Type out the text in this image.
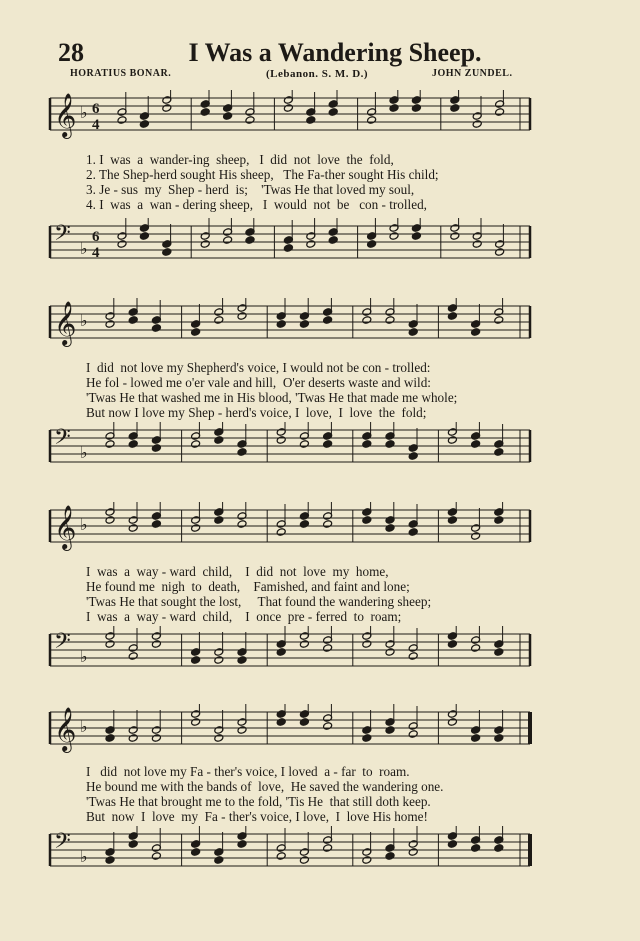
28	I Was a Wandering Sheep.
HORATIUS BONAR.	(Lebanon. S. M. D.)	JOHN ZUNDEL.
𝄞 ♭ 6
4
1. I  was  a  wander-ing  sheep,   I  did  not  love  the  fold,
2. The Shep-herd sought His sheep,   The Fa-ther sought His child;
3. Je - sus  my  Shep - herd  is;    'Twas He that loved my soul,
4. I  was  a  wan - dering sheep,   I  would  not  be   con - trolled,
𝄢 ♭
6
4
𝄞 ♭
I  did  not love my Shepherd's voice, I would not be con - trolled:
He fol - lowed me o'er vale and hill,  O'er deserts waste and wild:
'Twas He that washed me in His blood, 'Twas He that made me whole;
But now I love my Shep - herd's voice, I  love,  I  love  the  fold;
𝄢 ♭
𝄞 ♭
I  was  a  way - ward  child,    I  did  not  love  my  home,
He found me  nigh  to  death,    Famished, and faint and lone;
'Twas He that sought the lost,     That found the wandering sheep;
I  was  a  way - ward  child,    I  once  pre - ferred  to  roam;
𝄢 ♭
𝄞 ♭
I   did  not love my Fa - ther's voice, I loved  a - far  to  roam.
He bound me with the bands of  love,  He saved the wandering one.
'Twas He that brought me to the fold, 'Tis He  that still doth keep.
But  now  I  love  my  Fa - ther's voice, I love,  I  love His home!
𝄢 ♭
